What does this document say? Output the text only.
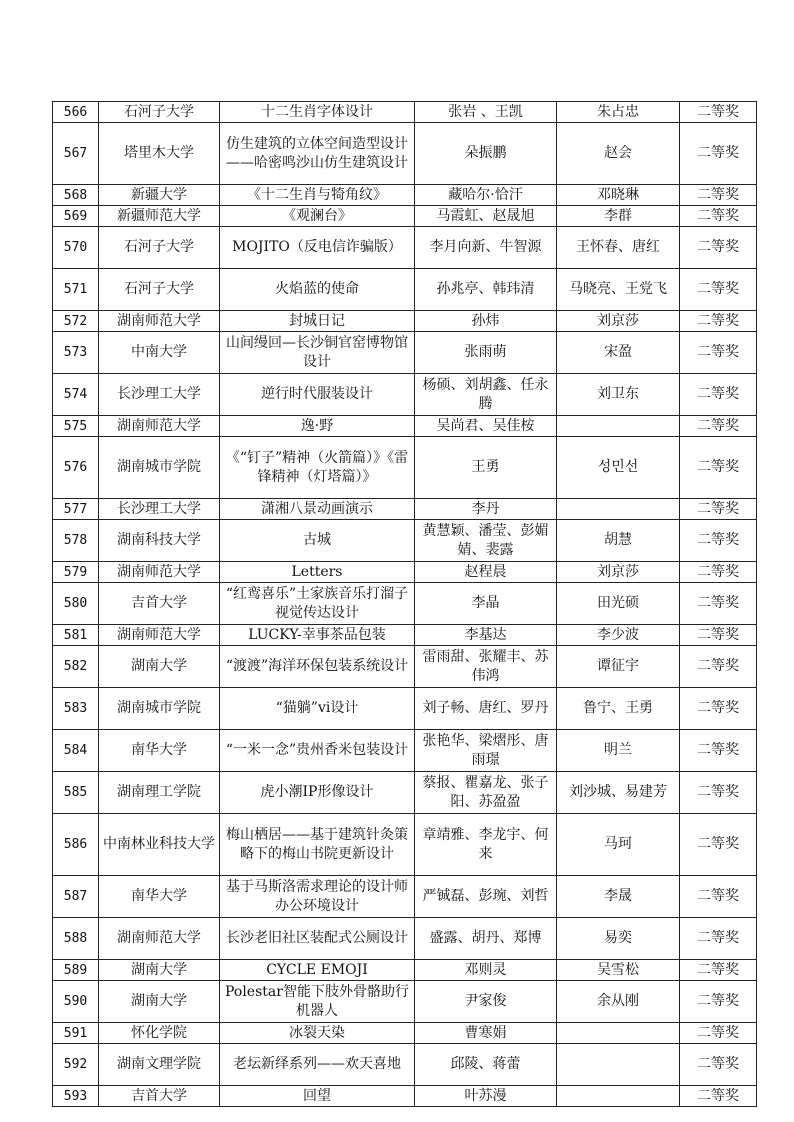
566	石河子大学	十二生肖字体设计	张岩 、王凯	朱占忠	二等奖
567	塔里木大学	仿生建筑的立体空间造型设计——哈密鸣沙山仿生建筑设计	朵振鹏	赵会	二等奖
568	新疆大学	《十二生肖与犄角纹》	藏哈尔·恰汗	邓晓琳	二等奖
569	新疆师范大学	《观澜台》	马霞虹、赵晟旭	李群	二等奖
570	石河子大学	MOJITO（反电信诈骗版）	李月向新、牛智源	王怀春、唐红	二等奖
571	石河子大学	火焰蓝的使命	孙兆亭、韩玮清	马晓亮、王党飞	二等奖
572	湖南师范大学	封城日记	孙炜	刘京莎	二等奖
573	中南大学	山间缦回—长沙铜官窑博物馆设计	张雨萌	宋盈	二等奖
574	长沙理工大学	逆行时代服装设计	杨硕、刘胡鑫、任永腾	刘卫东	二等奖
575	湖南师范大学	逸·野	吴尚君、吴佳桉		二等奖
576	湖南城市学院	《“钉子”精神（火箭篇）》《雷锋精神（灯塔篇）》	王勇	성민선	二等奖
577	长沙理工大学	潇湘八景动画演示	李丹		二等奖
578	湖南科技大学	古城	黄慧颖、潘莹、彭媚婧、裴露	胡慧	二等奖
579	湖南师范大学	Letters	赵程晨	刘京莎	二等奖
580	吉首大学	“红鸾喜乐”土家族音乐打溜子视觉传达设计	李晶	田光硕	二等奖
581	湖南师范大学	LUCKY-幸事茶品包装	李基达	李少波	二等奖
582	湖南大学	“渡渡”海洋环保包装系统设计	雷雨甜、张耀丰、苏伟鸿	谭征宇	二等奖
583	湖南城市学院	“猫躺”vi设计	刘子畅、唐红、罗丹	鲁宁、王勇	二等奖
584	南华大学	“一米一念”贵州香米包装设计	张艳华、梁熠彤、唐雨璟	明兰	二等奖
585	湖南理工学院	虎小潮IP形像设计	蔡报、瞿嘉龙、张子阳、苏盈盈	刘沙城、易建芳	二等奖
586	中南林业科技大学	梅山栖居——基于建筑针灸策略下的梅山书院更新设计	章靖雅、李龙宇、何来	马珂	二等奖
587	南华大学	基于马斯洛需求理论的设计师办公环境设计	严铖磊、彭琬、刘哲	李晟	二等奖
588	湖南师范大学	长沙老旧社区装配式公厕设计	盛露、胡丹、郑博	易奕	二等奖
589	湖南大学	CYCLE EMOJI	邓则灵	吴雪松	二等奖
590	湖南大学	Polestar智能下肢外骨骼助行机器人	尹家俊	余从刚	二等奖
591	怀化学院	冰裂天染	曹寒娟		二等奖
592	湖南文理学院	老坛新绎系列——欢天喜地	邱陵、蒋蕾		二等奖
593	吉首大学	回望	叶苏漫		二等奖
